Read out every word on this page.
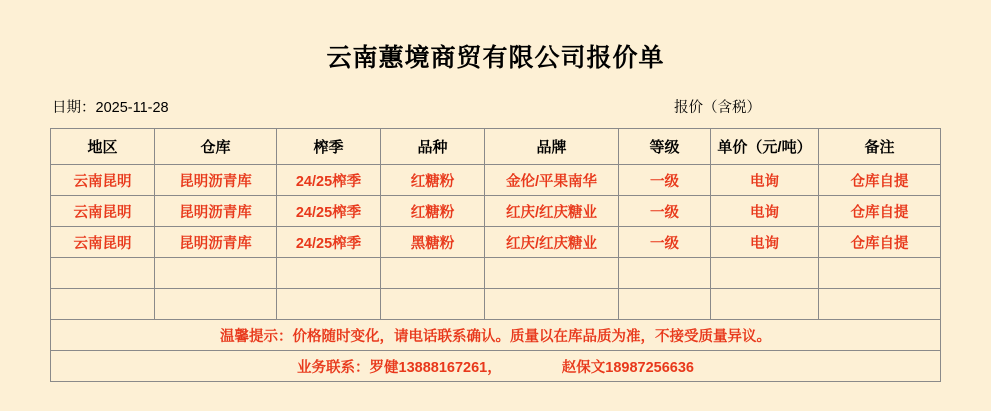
云南蕙境商贸有限公司报价单
日期：2025-11-28	报价（含税）
地区	仓库	榨季	品种	品牌	等级	单价（元/吨）	备注
云南昆明	昆明沥青库	24/25榨季	红糖粉	金伦/平果南华	一级	电询	仓库自提
云南昆明	昆明沥青库	24/25榨季	红糖粉	红庆/红庆糖业	一级	电询	仓库自提
云南昆明	昆明沥青库	24/25榨季	黑糖粉	红庆/红庆糖业	一级	电询	仓库自提

温馨提示：价格随时变化，请电话联系确认。质量以在库品质为准，不接受质量异议。							
业务联系：罗健13888167261， 赵保文18987256636							
